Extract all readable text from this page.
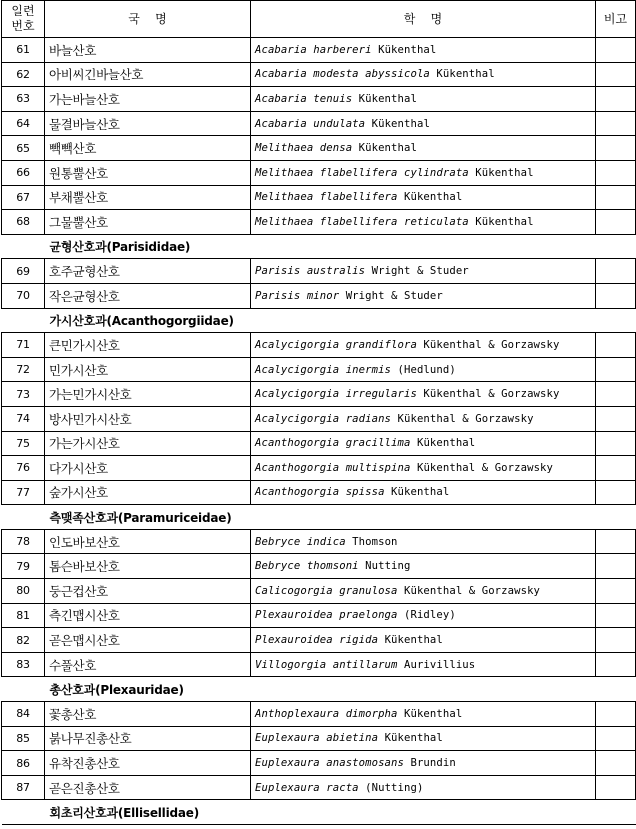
일련
번호	국    명	학    명	비고
61	바늘산호	Acabaria harbereri Kükenthal	
62	아비씨긴바늘산호	Acabaria modesta abyssicola Kükenthal	
63	가는바늘산호	Acabaria tenuis Kükenthal	
64	물결바늘산호	Acabaria undulata Kükenthal	
65	빽빽산호	Melithaea densa Kükenthal	
66	원통뿔산호	Melithaea flabellifera cylindrata Kükenthal	
67	부채뿔산호	Melithaea flabellifera Kükenthal	
68	그물뿔산호	Melithaea flabellifera reticulata Kükenthal	
균형산호과(Parisididae)			
69	호주균형산호	Parisis australis Wright & Studer	
70	작은균형산호	Parisis minor Wright & Studer	
가시산호과(Acanthogorgiidae)			
71	큰민가시산호	Acalycigorgia grandiflora Kükenthal & Gorzawsky	
72	민가시산호	Acalycigorgia inermis (Hedlund)	
73	가는민가시산호	Acalycigorgia irregularis Kükenthal & Gorzawsky	
74	방사민가시산호	Acalycigorgia radians Kükenthal & Gorzawsky	
75	가는가시산호	Acanthogorgia gracillima Kükenthal	
76	다가시산호	Acanthogorgia multispina Kükenthal & Gorzawsky	
77	숲가시산호	Acanthogorgia spissa Kükenthal	
측맺족산호과(Paramuriceidae)			
78	인도바보산호	Bebryce indica Thomson	
79	톰슨바보산호	Bebryce thomsoni Nutting	
80	둥근컵산호	Calicogorgia granulosa Kükenthal & Gorzawsky	
81	측긴맵시산호	Plexauroidea praelonga (Ridley)	
82	곧은맵시산호	Plexauroidea rigida Kükenthal	
83	수풀산호	Villogorgia antillarum Aurivillius	
총산호과(Plexauridae)			
84	꽃총산호	Anthoplexaura dimorpha Kükenthal	
85	붉나무진총산호	Euplexaura abietina Kükenthal	
86	유착진총산호	Euplexaura anastomosans Brundin	
87	곧은진총산호	Euplexaura racta (Nutting)	
회초리산호과(Ellisellidae)			
